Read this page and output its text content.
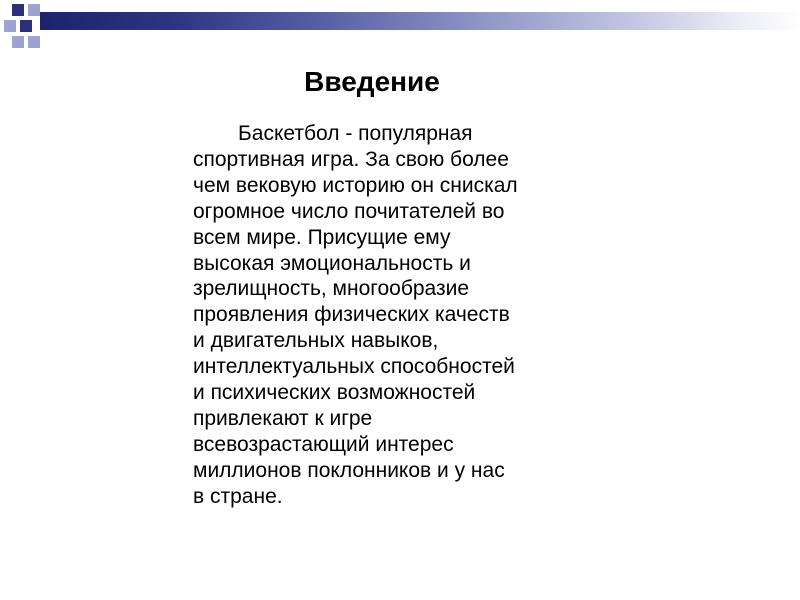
Введение

Баскетбол - популярная
спортивная игра. За свою более
чем вековую историю он снискал
огромное число почитателей во
всем мире. Присущие ему
высокая эмоциональность и
зрелищность, многообразие
проявления физических качеств
и двигательных навыков,
интеллектуальных способностей
и психических возможностей
привлекают к игре
всевозрастающий интерес
миллионов поклонников и у нас
в стране.
